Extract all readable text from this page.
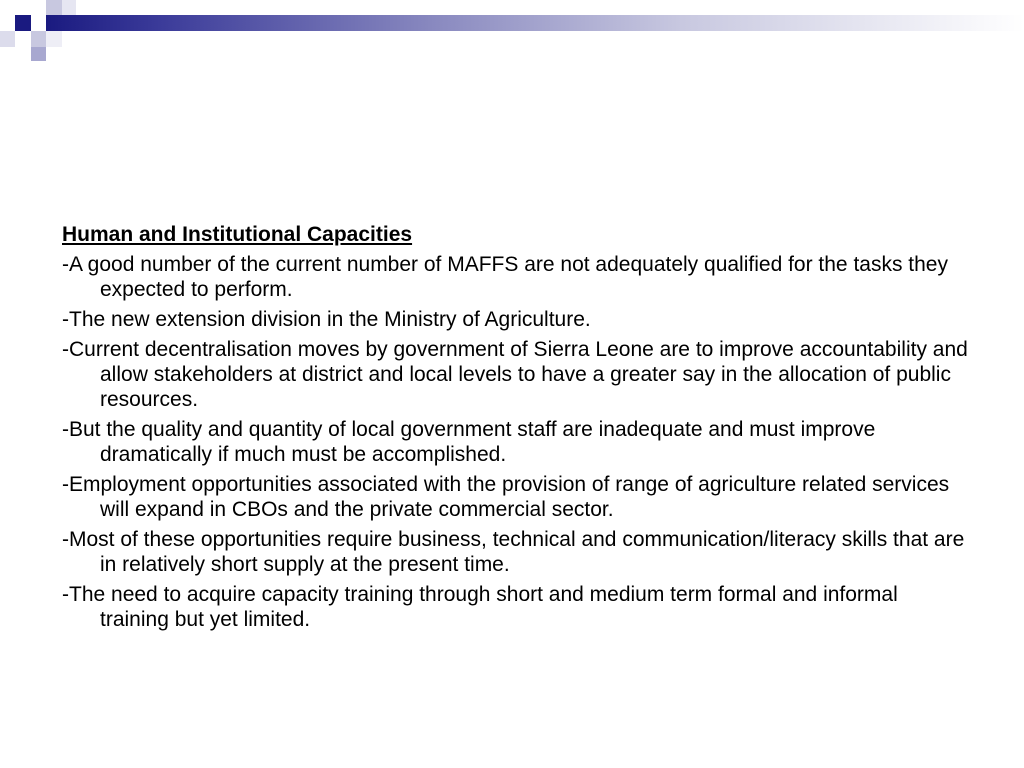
Human and Institutional Capacities
-A good number of the current number of MAFFS are not adequately qualified for the tasks they expected to perform.
-The new extension division in the Ministry of Agriculture.
-Current decentralisation moves by government of Sierra Leone are to improve accountability and allow stakeholders at district and local levels to have a greater say in the allocation of public resources.
-But the quality and quantity of local government staff are inadequate and must improve dramatically if much must be accomplished.
-Employment opportunities associated with the provision of range of agriculture related services will expand in CBOs and the private commercial sector.
-Most of these opportunities require business, technical and communication/literacy skills that are in relatively short supply at the present time.
-The need to acquire capacity training through short and medium term formal and informal training but yet limited.
